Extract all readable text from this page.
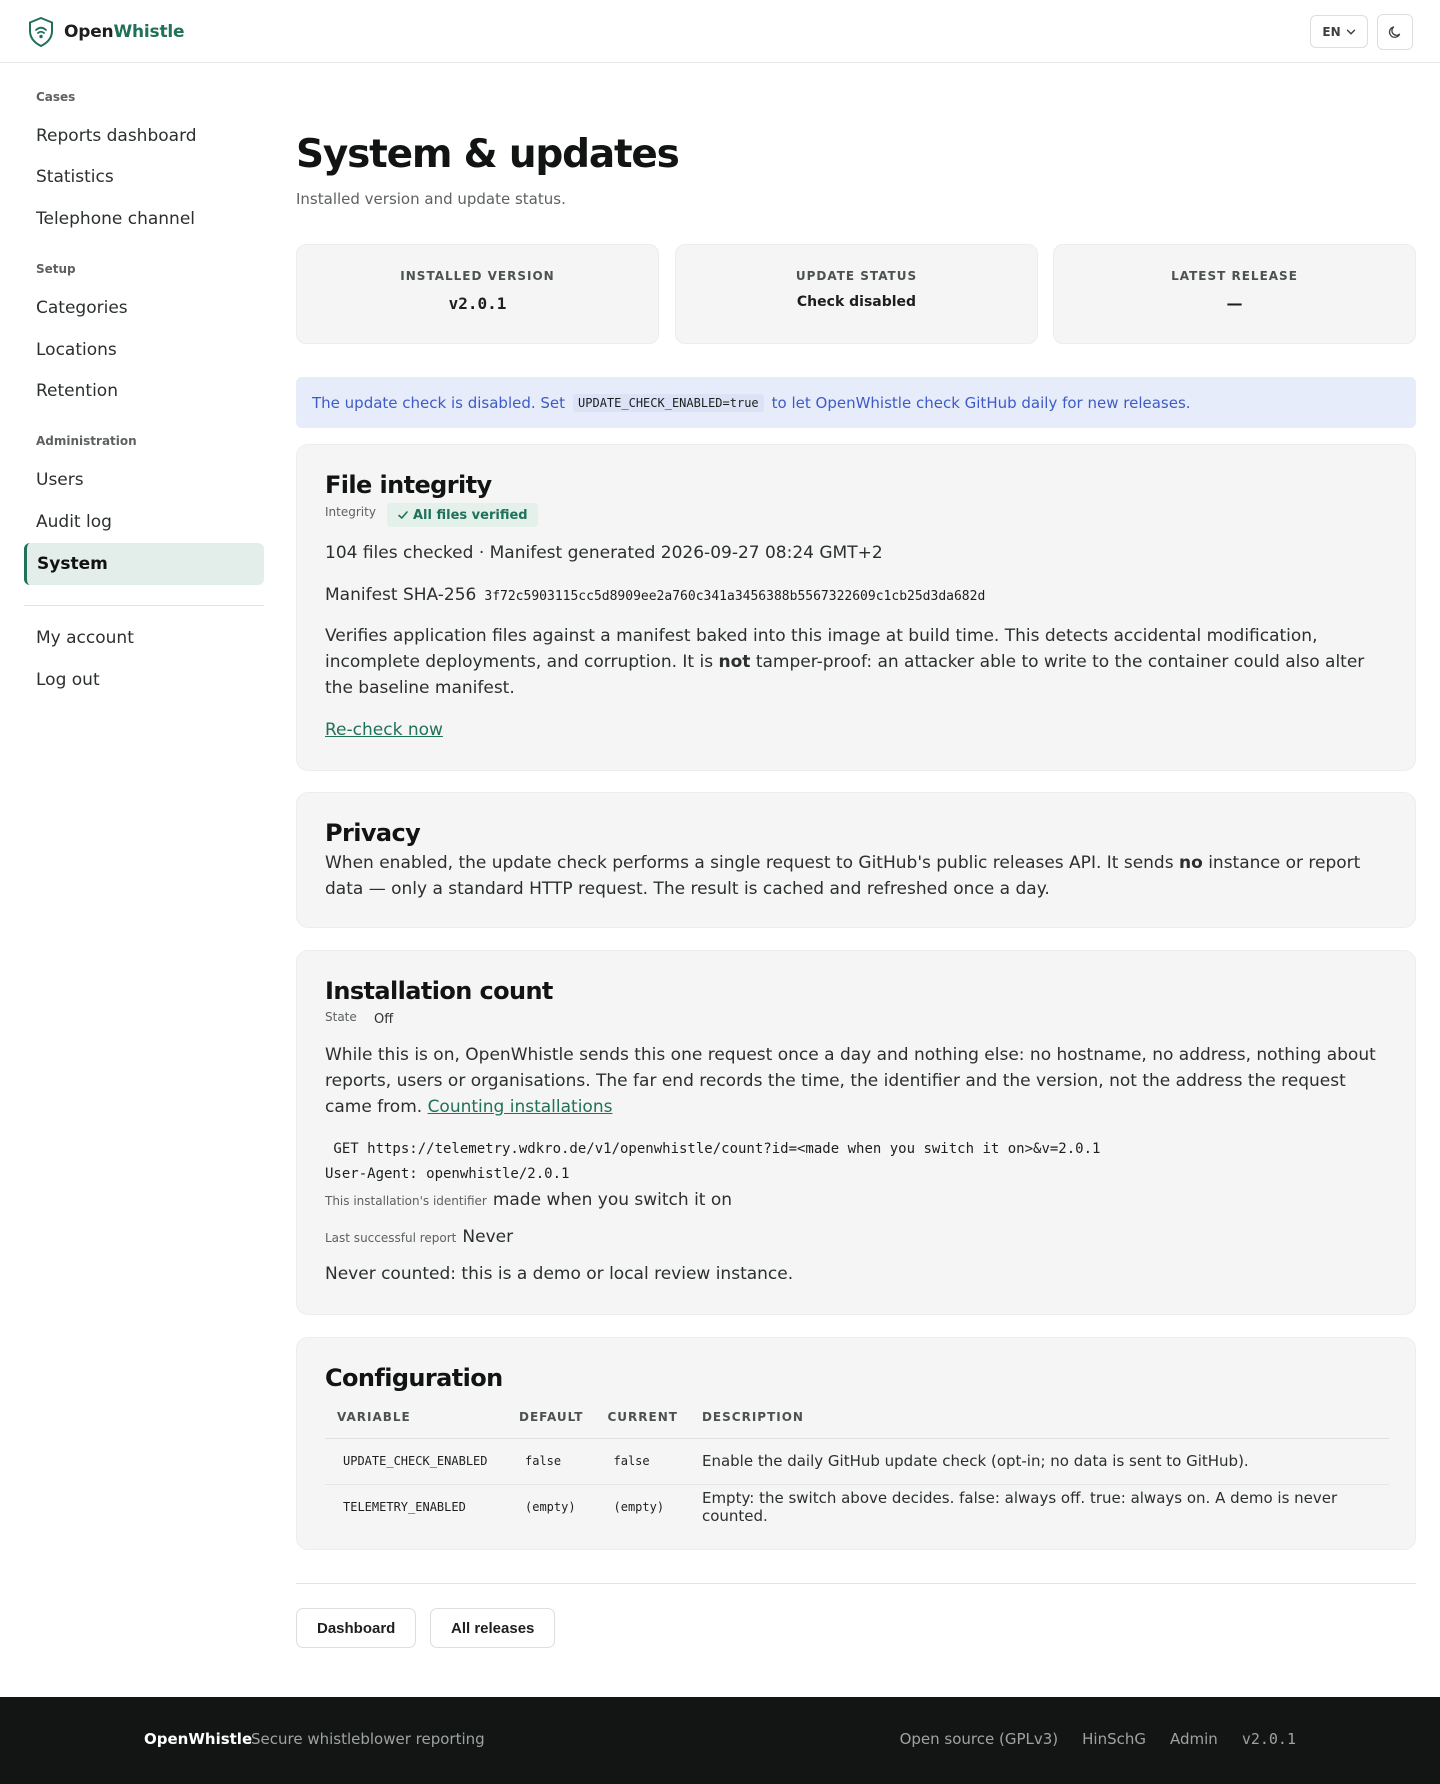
OpenWhistle	EN
Cases
Reports dashboard
Statistics
Telephone channel
Setup
Categories
Locations
Retention
Administration
Users
Audit log
System
My account
Log out
System & updates

Installed version and update status.

INSTALLED VERSION
v2.0.1
UPDATE STATUS
Check disabled
LATEST RELEASE
—
The update check is disabled. Set	UPDATE_CHECK_ENABLED=true to let OpenWhistle check GitHub daily for new releases.
File integrity
Integrity	All files verified
104 files checked · Manifest generated 2026-09-27 08:24 GMT+2
Manifest SHA-256 3f72c5903115cc5d8909ee2a760c341a3456388b5567322609c1cb25d3da682d
Verifies application files against a manifest baked into this image at build time. This detects accidental modification, incomplete deployments, and corruption. It is not tamper-proof: an attacker able to write to the container could also alter the baseline manifest.
Re-check now
Privacy
When enabled, the update check performs a single request to GitHub's public releases API. It sends no instance or report data — only a standard HTTP request. The result is cached and refreshed once a day.
Installation count
State Off
While this is on, OpenWhistle sends this one request once a day and nothing else: no hostname, no address, nothing about reports, users or organisations. The far end records the time, the identifier and the version, not the address the request came from. Counting installations
GET https://telemetry.wdkro.de/v1/openwhistle/count?id=<made when you switch it on>&v=2.0.1
User-Agent: openwhistle/2.0.1
This installation's identifier made when you switch it on
Last successful report Never
Never counted: this is a demo or local review instance.
Configuration
VARIABLE	DEFAULT	CURRENT	DESCRIPTION
UPDATE_CHECK_ENABLED	false	false	Enable the daily GitHub update check (opt-in; no data is sent to GitHub).
TELEMETRY_ENABLED	(empty)	(empty)	Empty: the switch above decides. false: always off. true: always on. A demo is never counted.
Dashboard	All releases
OpenWhistle
Secure whistleblower reporting	Open source (GPLv3) HinSchG Admin v2.0.1
